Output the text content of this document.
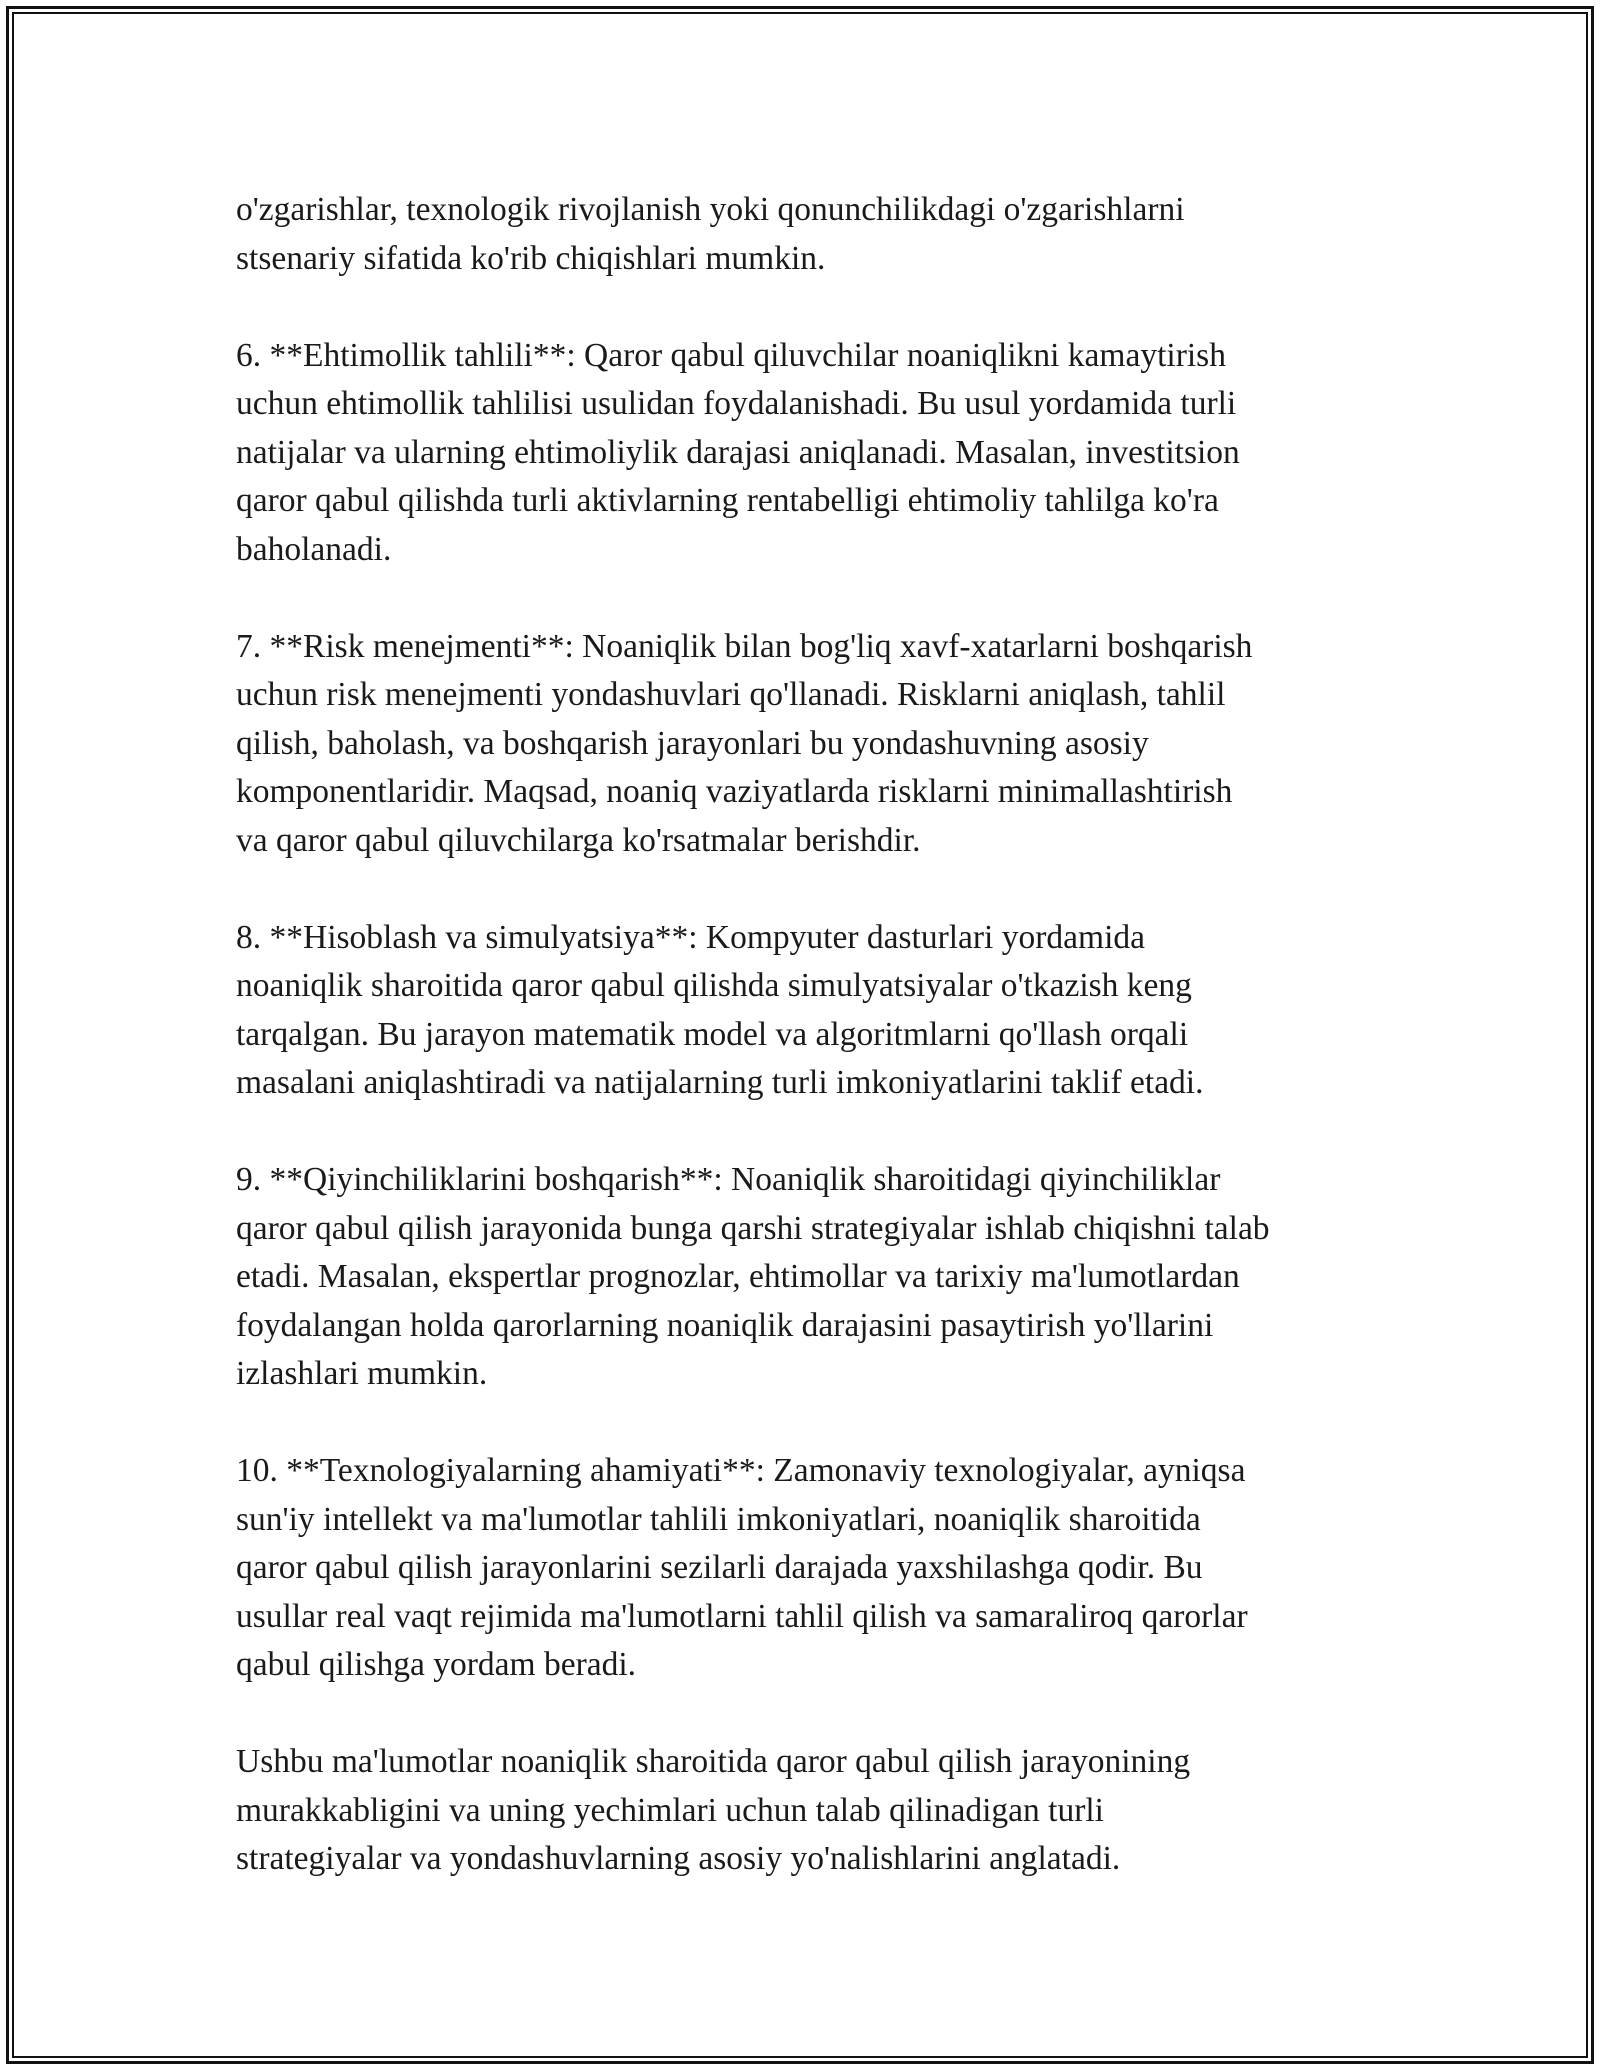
o'zgarishlar, texnologik rivojlanish yoki qonunchilikdagi o'zgarishlarni
stsenariy sifatida ko'rib chiqishlari mumkin.

6. **Ehtimollik tahlili**: Qaror qabul qiluvchilar noaniqlikni kamaytirish
uchun ehtimollik tahlilisi usulidan foydalanishadi. Bu usul yordamida turli
natijalar va ularning ehtimoliylik darajasi aniqlanadi. Masalan, investitsion
qaror qabul qilishda turli aktivlarning rentabelligi ehtimoliy tahlilga ko'ra
baholanadi.

7. **Risk menejmenti**: Noaniqlik bilan bog'liq xavf-xatarlarni boshqarish
uchun risk menejmenti yondashuvlari qo'llanadi. Risklarni aniqlash, tahlil
qilish, baholash, va boshqarish jarayonlari bu yondashuvning asosiy
komponentlaridir. Maqsad, noaniq vaziyatlarda risklarni minimallashtirish
va qaror qabul qiluvchilarga ko'rsatmalar berishdir.

8. **Hisoblash va simulyatsiya**: Kompyuter dasturlari yordamida
noaniqlik sharoitida qaror qabul qilishda simulyatsiyalar o'tkazish keng
tarqalgan. Bu jarayon matematik model va algoritmlarni qo'llash orqali
masalani aniqlashtiradi va natijalarning turli imkoniyatlarini taklif etadi.

9. **Qiyinchiliklarini boshqarish**: Noaniqlik sharoitidagi qiyinchiliklar
qaror qabul qilish jarayonida bunga qarshi strategiyalar ishlab chiqishni talab
etadi. Masalan, ekspertlar prognozlar, ehtimollar va tarixiy ma'lumotlardan
foydalangan holda qarorlarning noaniqlik darajasini pasaytirish yo'llarini
izlashlari mumkin.

10. **Texnologiyalarning ahamiyati**: Zamonaviy texnologiyalar, ayniqsa
sun'iy intellekt va ma'lumotlar tahlili imkoniyatlari, noaniqlik sharoitida
qaror qabul qilish jarayonlarini sezilarli darajada yaxshilashga qodir. Bu
usullar real vaqt rejimida ma'lumotlarni tahlil qilish va samaraliroq qarorlar
qabul qilishga yordam beradi.

Ushbu ma'lumotlar noaniqlik sharoitida qaror qabul qilish jarayonining
murakkabligini va uning yechimlari uchun talab qilinadigan turli
strategiyalar va yondashuvlarning asosiy yo'nalishlarini anglatadi.
